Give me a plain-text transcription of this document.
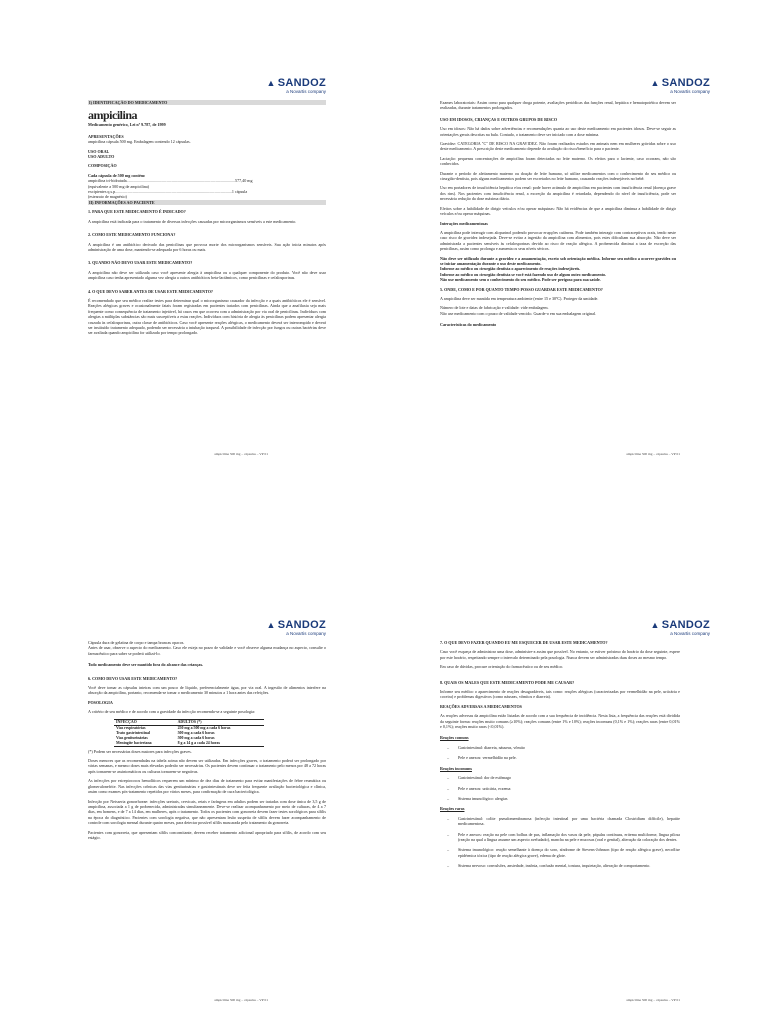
▲ SANDOZ
a Novartis company
I) IDENTIFICAÇÃO DO MEDICAMENTO
ampicilina

Medicamento genérico, Lei nº 9.787, de 1999

APRESENTAÇÕES

ampicilina cápsula 500 mg. Embalagem contendo 12 cápsulas.

USO ORAL

USO ADULTO

COMPOSIÇÃO

Cada cápsula de 500 mg contém:

ampicilina tri-hidratada..........................................................................................................577,40 mg
(equivalente a 500 mg de ampicilina)
excipientes q.s.p..................................................................................................................1 cápsula
(estearato de magnésio)
II) INFORMAÇÕES AO PACIENTE

1. PARA QUE ESTE MEDICAMENTO É INDICADO?

A ampicilina está indicada para o tratamento de diversas infecções causadas por microrganismos sensíveis a este medicamento.

2. COMO ESTE MEDICAMENTO FUNCIONA?

A ampicilina é um antibiótico derivado das penicilinas que provoca morte dos microrganismos sensíveis. Sua ação inicia minutos após administração de uma dose, mantendo-se adequada por 6 horas ou mais.

3. QUANDO NÃO DEVO USAR ESTE MEDICAMENTO?

A ampicilina não deve ser utilizada caso você apresente alergia à ampicilina ou a qualquer componente do produto. Você não deve usar ampicilina caso tenha apresentado alguma vez alergia a outros antibióticos beta-lactâmicos, como penicilinas e cefalosporinas.

4. O QUE DEVO SABER ANTES DE USAR ESTE MEDICAMENTO?

É recomendado que seu médico realize testes para determinar qual o microrganismo causador da infecção e a quais antibióticos ele é sensível. Reações alérgicas graves e ocasionalmente fatais foram registradas em pacientes tratados com penicilinas. Ainda que a anafilaxia seja mais frequente como consequência de tratamento injetável, há casos em que ocorreu com a administração por via oral de penicilinas. Indivíduos com alergias a múltiplas substâncias são mais susceptíveis a estas reações. Indivíduos com história de alergia às penicilinas podem apresentar alergia cruzada às cefalosporinas, outra classe de antibióticos. Caso você apresente reações alérgicas, o medicamento deverá ser interrompido e deverá ser instituído tratamento adequado, podendo ser necessária a intubação traqueal. A possibilidade de infecção por fungos ou outras bactérias deve ser avaliada quando ampicilina for utilizada por tempo prolongado.

ampicilina 500 mg – cápsulas – VP 01
▲ SANDOZ
a Novartis company

Exames laboratoriais: Assim como para qualquer droga potente, avaliações periódicas das funções renal, hepática e hematopoiética devem ser realizadas, durante tratamentos prolongados.

USO EM IDOSOS, CRIANÇAS E OUTROS GRUPOS DE RISCO

Uso em idosos: Não há dados sobre advertências e recomendações quanta ao uso deste medicamento em pacientes idosos. Deve-se seguir as orientações gerais descritas na bula. Contudo, o tratamento deve ser iniciado com a dose mínima.

Gravidez: CATEGORIA "C" DE RISCO NA GRAVIDEZ. Não foram realizados estudos em animais nem em mulheres grávidas sobre o uso deste medicamento. A prescrição deste medicamento depende da avaliação do risco/benefício para o paciente.

Lactação: pequenas concentrações de ampicilina foram detectadas no leite materno. Os efeitos para o lactente, caso ocorram, não são conhecidos.

Durante o período de aleitamento materno ou doação de leite humano, só utilize medicamentos com o conhecimento do seu médico ou cirurgião-dentista, pois alguns medicamentos podem ser excretados no leite humano, causando reações indesejáveis no bebê.

Uso em portadores de insuficiência hepática e/ou renal: pode haver acúmulo de ampicilina em pacientes com insuficiência renal (doença grave dos rins). Nos pacientes com insuficiência renal, a excreção da ampicilina é retardada, dependendo do nível de insuficiência, pode ser necessária redução da dose máxima diária.

Efeitos sobre a habilidade de dirigir veículos e/ou operar máquinas: Não há evidências de que a ampicilina diminua a habilidade de dirigir veículos e/ou operar máquinas.

Interações medicamentosas

A ampicilina pode interagir com alopurinol podendo provocar erupções cutâneas. Pode também interagir com contraceptivos orais, tendo neste caso risco de gravidez indesejada. Deve-se evitar a ingestão da ampicilina com alimentos, pois estes dificultam sua absorção. Não deve ser administrada a pacientes sensíveis às cefalosporinas devido ao risco de reação alérgica. A probenecida diminui a taxa de excreção das penicilinas, assim como prolonga e aumenta os seus níveis séricos.

Não deve ser utilizado durante a gravidez e a amamentação, exceto sob orientação médica. Informe seu médico a ocorrer gravidez ou se iniciar amamentação durante o uso deste medicamento.

Informe ao médico ou cirurgião dentista o aparecimento de reações indesejáveis.

Informe ao médico ou cirurgião dentista se você está fazendo uso de algum outro medicamento.

Não use medicamento sem o conhecimento do seu médico. Pode ser perigoso para sua saúde.

5. ONDE, COMO E POR QUANTO TEMPO POSSO GUARDAR ESTE MEDICAMENTO?

A ampicilina deve ser mantida em temperatura ambiente (entre 15 e 30ºC). Proteger da umidade.

Número de lote e datas de fabricação e validade: vide embalagem.

Não use medicamento com o prazo de validade vencido. Guarde-o em sua embalagem original.

Características do medicamento

ampicilina 500 mg – cápsulas – VP 01
▲ SANDOZ
a Novartis company

Cápsula dura de gelatina de corpo e tampa brancas opacos.

Antes de usar, observe o aspecto do medicamento. Caso ele esteja no prazo de validade e você observe alguma mudança no aspecto, consulte o farmacêutico para saber se poderá utilizá-lo.

Todo medicamento deve ser mantido fora do alcance das crianças.

6. COMO DEVO USAR ESTE MEDICAMENTO?

Você deve tomar as cápsulas inteiras com um pouco de líquido, preferencialmente água, por via oral. A ingestão de alimentos interfere na absorção da ampicilina, portanto, recomenda-se tomar o medicamento 30 minutos a 1 hora antes das refeições.

POSOLOGIA

A critério de seu médico e de acordo com a gravidade da infecção recomenda-se a seguinte posologia:

INFECÇÃO	ADULTOS (*)
Vias respiratórias	250 mg a 500 mg a cada 6 horas
Trato gastrintestinal	500 mg a cada 6 horas
Vias geniturinárias	500 mg a cada 6 horas
Meningite bacteriana	8 g a 14 g a cada 24 horas

(*) Podem ser necessárias doses maiores para infecções graves.

Doses menores que as recomendadas na tabela acima não devem ser utilizadas. Em infecções graves, o tratamento poderá ser prolongado por várias semanas, e mesmo doses mais elevadas poderão ser necessárias. Os pacientes devem continuar o tratamento pelo menos por 48 a 72 horas após tornarem-se assintomáticos ou culturas tornarem-se negativas.

As infecções por estreptococos hemolíticos requerem um mínimo de dez dias de tratamento para evitar manifestações de febre reumática ou glomerulonefrite. Nas infecções crônicas das vias geniturinárias e gastrintestinais deve ser feita frequente avaliação bacteriológica e clínica, assim como exames pós-tratamento repetidos por vários meses, para confirmação de cura bacteriológica.

Infecção por Neisseria gonorrhoeae: infecções uretrais, cervicais, retais e faríngeas em adultos podem ser tratadas com dose única de 3,5 g de ampicilina, associada a 1 g de probenecida, administradas simultaneamente. Deve-se realizar acompanhamento por meio de culturas, de 4 a 7 dias, em homens, e de 7 a 14 dias, em mulheres, após o tratamento. Todos os pacientes com gonorreia devem fazer testes sorológicos para sífilis na época do diagnóstico. Pacientes com sorologia negativa, que não apresentam lesão suspeita de sífilis devem fazer acompanhamento de controle com sorologia mensal durante quatro meses, para detectar possível sífilis mascarada pelo tratamento da gonorreia.

Pacientes com gonorreia, que apresentam sífilis concomitante, devem receber tratamento adicional apropriado para sífilis, de acordo com seu estágio.

ampicilina 500 mg – cápsulas – VP 01
▲ SANDOZ
a Novartis company

7. O QUE DEVO FAZER QUANDO EU ME ESQUECER DE USAR ESTE MEDICAMENTO?

Caso você esqueça de administrar uma dose, administre-a assim que possível. No entanto, se estiver próximo do horário da dose seguinte, espere por este horário, respeitando sempre o intervalo determinado pela posologia. Nunca devem ser administradas duas doses ao mesmo tempo.

Em caso de dúvidas, procure orientação do farmacêutico ou de seu médico.

8. QUAIS OS MALES QUE ESTE MEDICAMENTO PODE ME CAUSAR?

Informe seu médico o aparecimento de reações desagradáveis, tais como: reações alérgicas (caracterizadas por vermelhidão na pele, urticária e coceira) e problemas digestivos (como náuseas, vômitos e diarreia).

REAÇÕES ADVERSAS A MEDICAMENTOS

As reações adversas da ampicilina estão listadas de acordo com a sua frequência de incidência. Nesta lista, a frequência das reações está dividida da seguinte forma: reações muito comuns (≥10%); reações comuns (entre 1% e 10%); reações incomuns (0,1% e 1%); reações raras (entre 0,01% e 0,1%); reações muito raras (<0,01%).

Reações comuns

– Gastrintestinal: diarreia, náuseas, vômito
– Pele e anexos: vermelhidão na pele.

Reações incomuns

– Gastrintestinal: dor de estômago
– Pele e anexos: urticária, eczema
– Sistema imunológico: alergias

Reações raras

– Gastrintestinal: colite pseudomembranosa (infecção intestinal por uma bactéria chamada Clostridium difficile), hepatite medicamentosa.
– Pele e anexos: reação na pele com bolhas de pus, inflamação dos vasos da pele, pápulas contínuas, eritema multiforme, língua pilosa (reação na qual a língua assume um aspecto aveludado), mancha na pele e mucosas (oral e genital), alteração da coloração dos dentes.
– Sistema imunológico: reação semelhante à doença do soro, síndrome de Stevens-Johnson (tipo de reação alérgica grave), necrólise epidérmica tóxica (tipo de reação alérgica grave), edema de glote.
– Sistema nervoso: convulsões, ansiedade, insônia, confusão mental, tontura, inquietação, alteração de comportamento.
ampicilina 500 mg – cápsulas – VP 01
